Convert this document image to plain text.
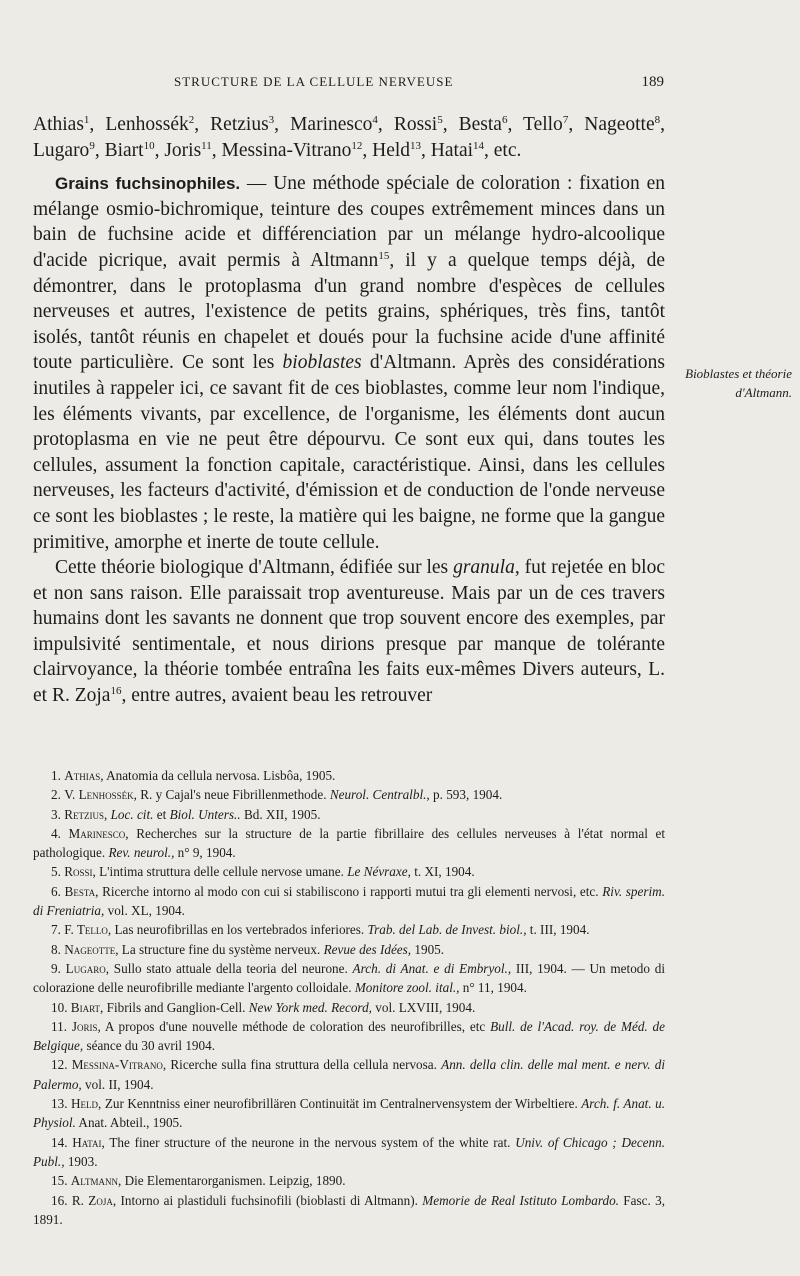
STRUCTURE DE LA CELLULE NERVEUSE	189

Athias$^1$, Lenhossék$^2$, Retzius$^3$, Marinesco$^4$, Rossi$^5$, Besta$^6$, Tello$^7$, Nageotte$^8$, Lugaro$^9$, Biart$^{10}$, Joris$^{11}$, Messina-Vitrano$^{12}$, Held$^{13}$, Hatai$^{14}$, etc.

Grains fuchsinophiles. — Une méthode spéciale de coloration : fixation en mélange osmio-bichromique, teinture des coupes extrêmement minces dans un bain de fuchsine acide et différenciation par un mélange hydro-alcoolique d'acide picrique, avait permis à Altmann$^{15}$, il y a quelque temps déjà, de démontrer, dans le protoplasma d'un grand nombre d'espèces de cellules nerveuses et autres, l'existence de petits grains, sphériques, très fins, tantôt isolés, tantôt réunis en chapelet et doués pour la fuchsine acide d'une affinité toute particulière. Ce sont les bioblastes d'Altmann. Après des considérations inutiles à rappeler ici, ce savant fit de ces bioblastes, comme leur nom l'indique, les éléments vivants, par excellence, de l'organisme, les éléments dont aucun protoplasma en vie ne peut être dépourvu. Ce sont eux qui, dans toutes les cellules, assument la fonction capitale, caractéristique. Ainsi, dans les cellules nerveuses, les facteurs d'activité, d'émission et de conduction de l'onde nerveuse ce sont les bioblastes ; le reste, la matière qui les baigne, ne forme que la gangue primitive, amorphe et inerte de toute cellule.

Cette théorie biologique d'Altmann, édifiée sur les granula, fut rejetée en bloc et non sans raison. Elle paraissait trop aventureuse. Mais par un de ces travers humains dont les savants ne donnent que trop souvent encore des exemples, par impulsivité sentimentale, et nous dirions presque par manque de tolérante clairvoyance, la théorie tombée entraîna les faits eux-mêmes Divers auteurs, L. et R. Zoja$^{16}$, entre autres, avaient beau les retrouver

Bioblastes et théorie d'Altmann.

1. Athias, Anatomia da cellula nervosa. Lisbôa, 1905.

2. V. Lenhossék, R. y Cajal's neue Fibrillenmethode. Neurol. Centralbl., p. 593, 1904.

3. Retzius, Loc. cit. et Biol. Unters.. Bd. XII, 1905.

4. Marinesco, Recherches sur la structure de la partie fibrillaire des cellules nerveuses à l'état normal et pathologique. Rev. neurol., n° 9, 1904.

5. Rossi, L'intima struttura delle cellule nervose umane. Le Névraxe, t. XI, 1904.

6. Besta, Ricerche intorno al modo con cui si stabiliscono i rapporti mutui tra gli elementi nervosi, etc. Riv. sperim. di Freniatria, vol. XL, 1904.

7. F. Tello, Las neurofibrillas en los vertebrados inferiores. Trab. del Lab. de Invest. biol., t. III, 1904.

8. Nageotte, La structure fine du système nerveux. Revue des Idées, 1905.

9. Lugaro, Sullo stato attuale della teoria del neurone. Arch. di Anat. e di Embryol., III, 1904. — Un metodo di colorazione delle neurofibrille mediante l'argento colloidale. Monitore zool. ital., n° 11, 1904.

10. Biart, Fibrils and Ganglion-Cell. New York med. Record, vol. LXVIII, 1904.

11. Joris, A propos d'une nouvelle méthode de coloration des neurofibrilles, etc Bull. de l'Acad. roy. de Méd. de Belgique, séance du 30 avril 1904.

12. Messina-Vitrano, Ricerche sulla fina struttura della cellula nervosa. Ann. della clin. delle mal ment. e nerv. di Palermo, vol. II, 1904.

13. Held, Zur Kenntniss einer neurofibrillären Continuität im Centralnervensystem der Wirbeltiere. Arch. f. Anat. u. Physiol. Anat. Abteil., 1905.

14. Hatai, The finer structure of the neurone in the nervous system of the white rat. Univ. of Chicago ; Decenn. Publ., 1903.

15. Altmann, Die Elementarorganismen. Leipzig, 1890.

16. R. Zoja, Intorno ai plastiduli fuchsinofili (bioblasti di Altmann). Memorie de Real Istituto Lombardo. Fasc. 3, 1891.
